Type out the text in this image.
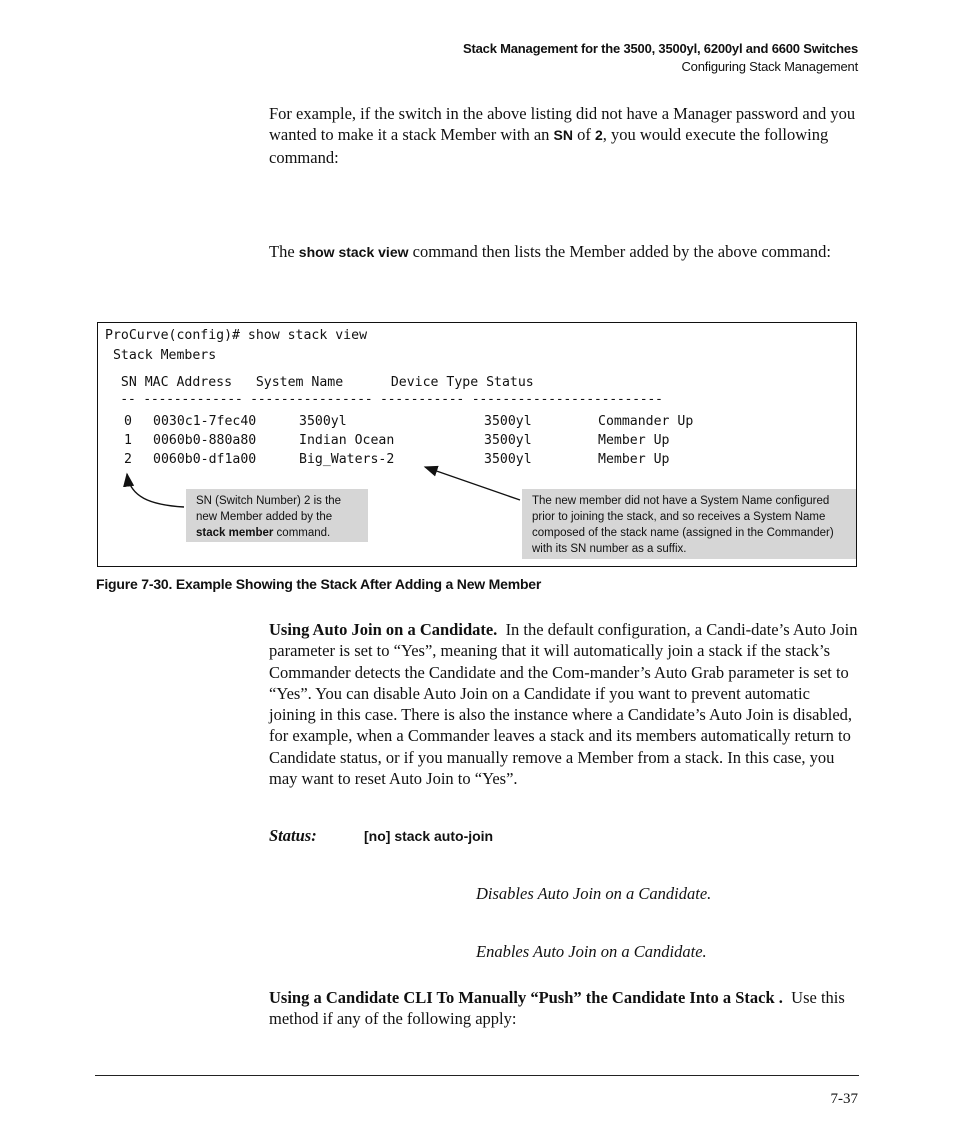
Stack Management for the 3500, 3500yl, 6200yl and 6600 Switches
Configuring Stack Management
For example, if the switch in the above listing did not have a Manager password and you wanted to make it a stack Member with an SN of 2, you would execute the following command:
The show stack view command then lists the Member added by the above command:
ProCurve(config)# show stack view
Stack Members
SN MAC Address   System Name      Device Type Status
-- ------------- ---------------- ----------- -------------------------
0 0030c1-7fec40	3500yl	3500yl	Commander Up
1 0060b0-880a80	Indian Ocean	3500yl	Member Up
2 0060b0-df1a00	Big_Waters-2	3500yl	Member Up
SN (Switch Number) 2 is the new Member added by the stack member command.
The new member did not have a System Name configured prior to joining the stack, and so receives a System Name composed of the stack name (assigned in the Commander) with its SN number as a suffix.
Figure 7-30. Example Showing the Stack After Adding a New Member
Using Auto Join on a Candidate. In the default configuration, a Candi-date’s Auto Join parameter is set to “Yes”, meaning that it will automatically join a stack if the stack’s Commander detects the Candidate and the Com-mander’s Auto Grab parameter is set to “Yes”. You can disable Auto Join on a Candidate if you want to prevent automatic joining in this case. There is also the instance where a Candidate’s Auto Join is disabled, for example, when a Commander leaves a stack and its members automatically return to Candidate status, or if you manually remove a Member from a stack. In this case, you may want to reset Auto Join to “Yes”.
Status:	[no] stack auto-join
Disables Auto Join on a Candidate.
Enables Auto Join on a Candidate.
Using a Candidate CLI To Manually “Push” the Candidate Into a Stack . Use this method if any of the following apply:
7-37
